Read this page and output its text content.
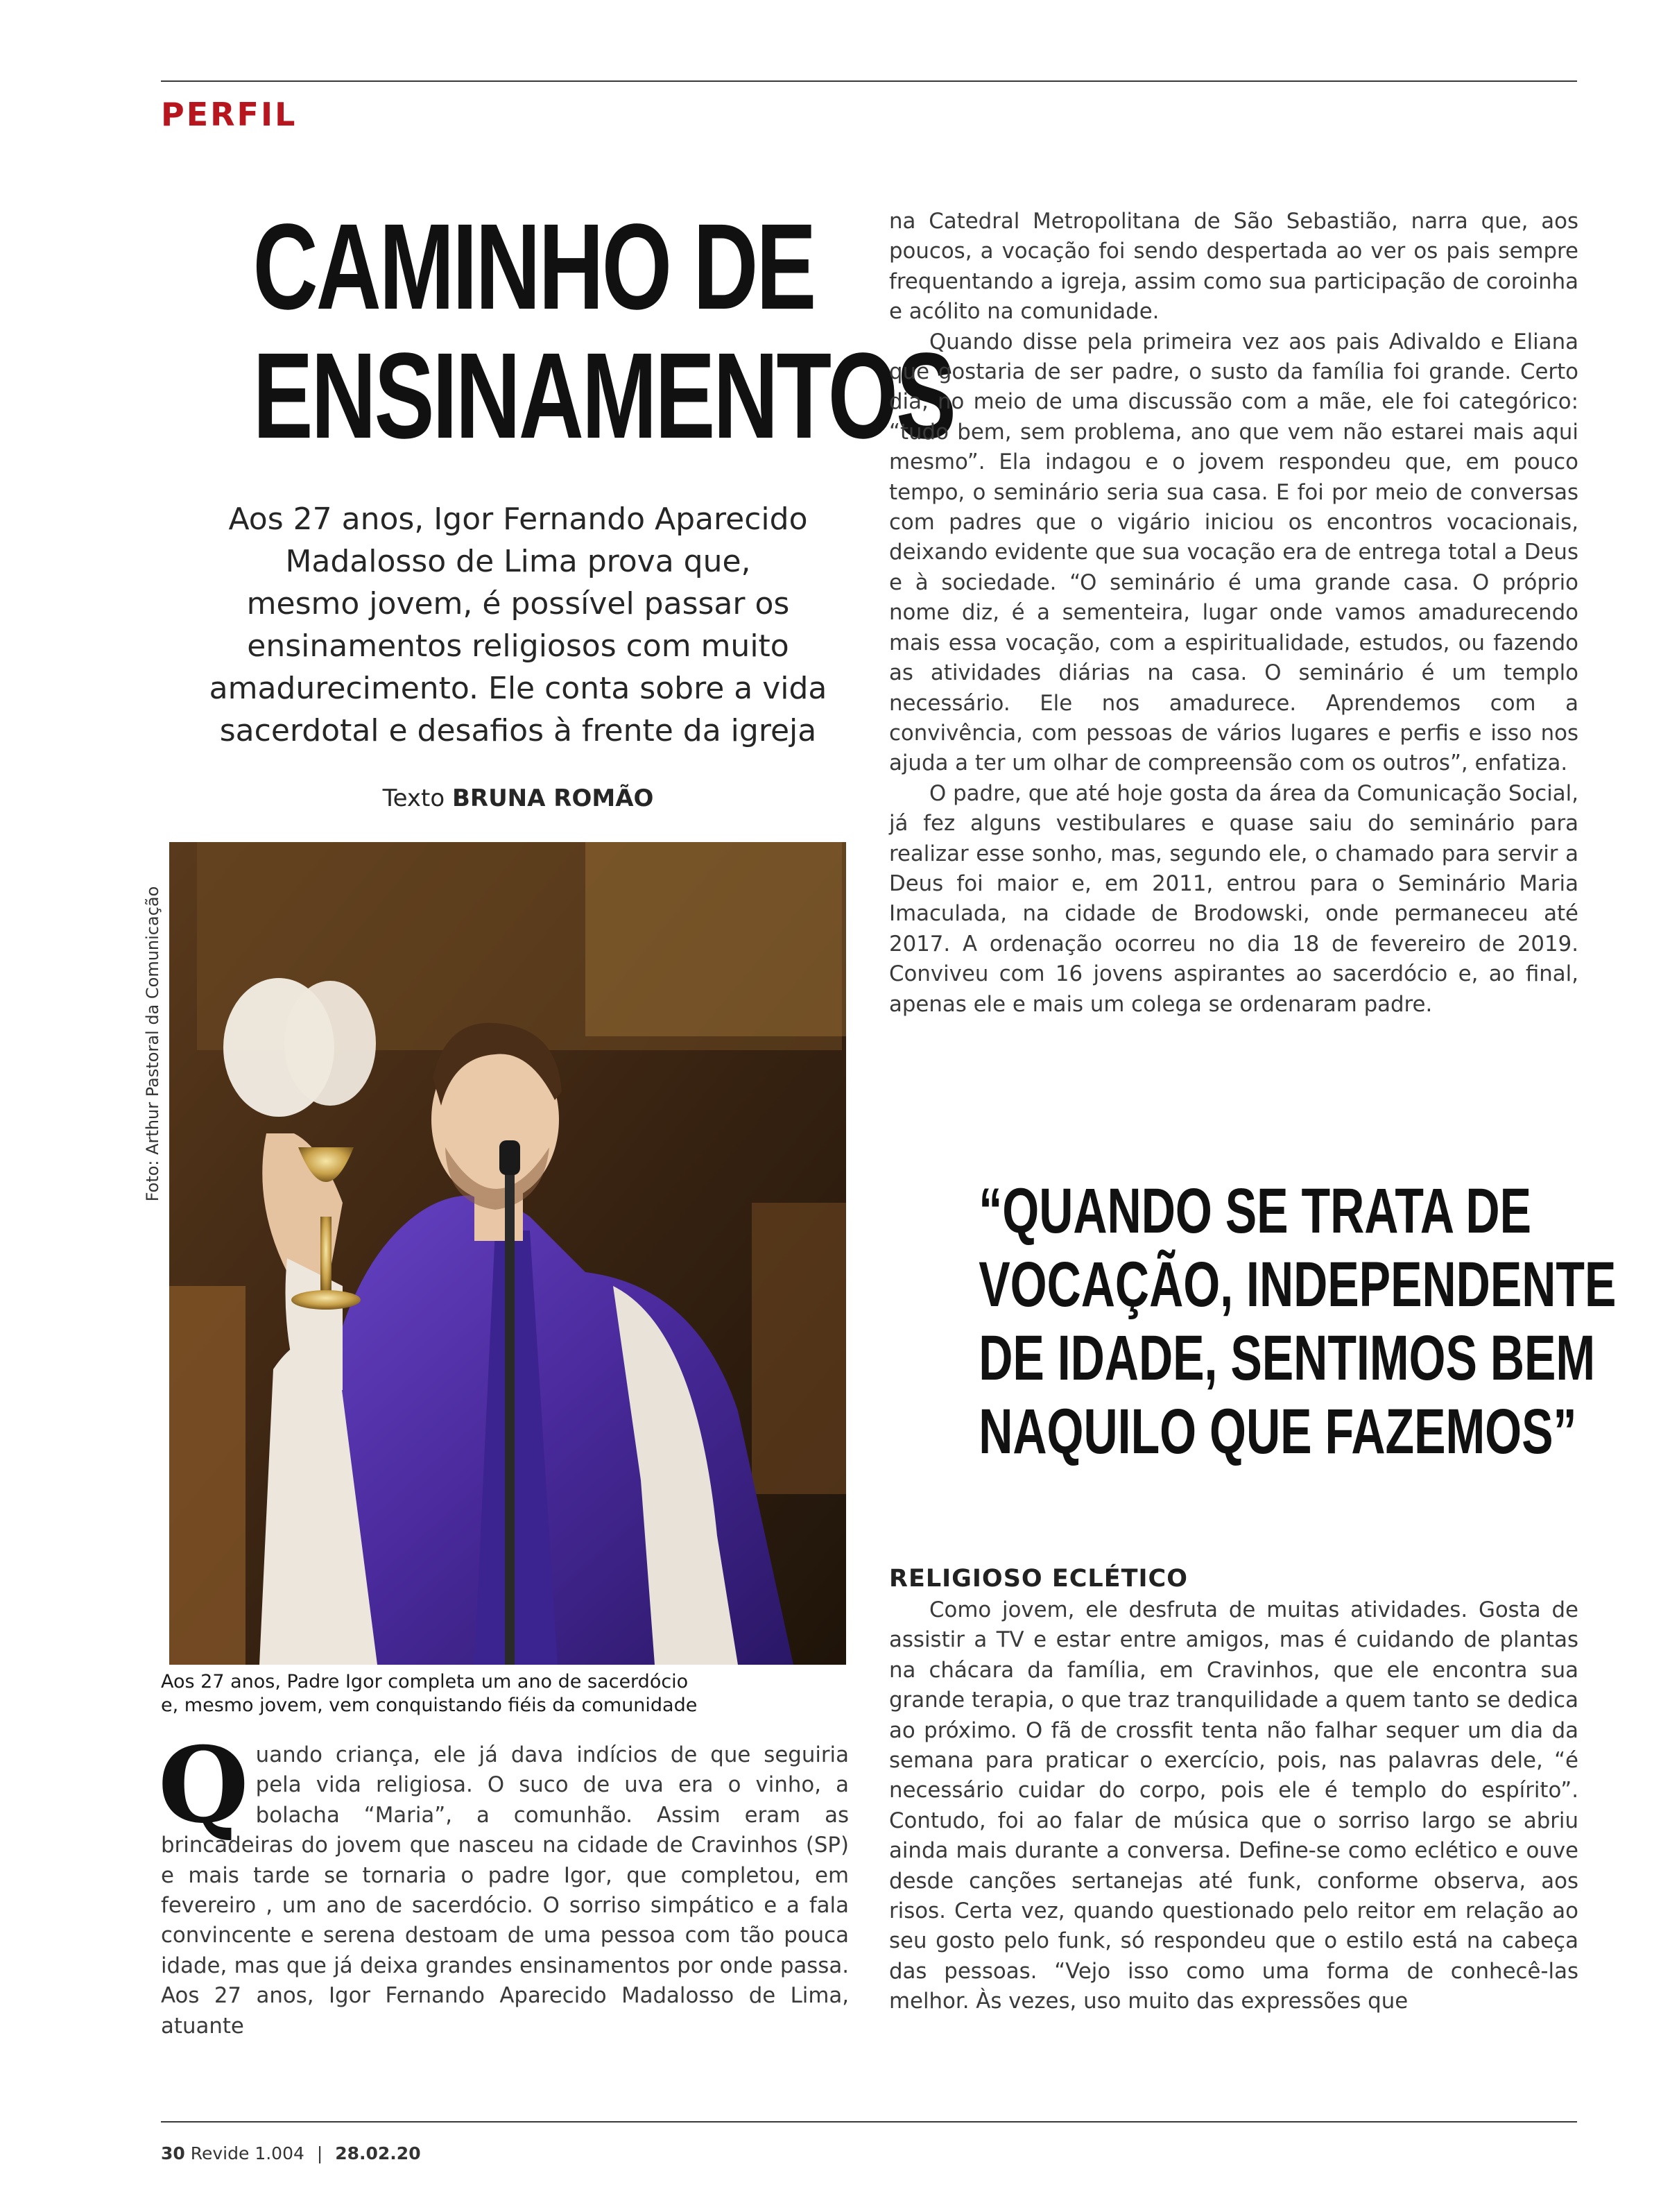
PERFIL
CAMINHO DE
ENSINAMENTOS
Aos 27 anos, Igor Fernando Aparecido
Madalosso de Lima prova que,
mesmo jovem, é possível passar os
ensinamentos religiosos com muito
amadurecimento. Ele conta sobre a vida
sacerdotal e desafios à frente da igreja
Texto BRUNA ROMÃO
Foto: Arthur Pastoral da Comunicação
Aos 27 anos, Padre Igor completa um ano de sacerdócio
e, mesmo jovem, vem conquistando fiéis da comunidade

Quando criança, ele já dava indícios de que seguiria pela vida religiosa. O suco de uva era o vinho, a bolacha “Maria”, a comunhão. Assim eram as brincadeiras do jovem que nasceu na cidade de Cravinhos (SP) e mais tarde se tornaria o padre Igor, que completou, em fevereiro , um ano de sacerdócio. O sorriso simpático e a fala convincente e serena destoam de uma pessoa com tão pouca idade, mas que já deixa grandes ensinamentos por onde passa. Aos 27 anos, Igor Fernando Aparecido Madalosso de Lima, atuante

na Catedral Metropolitana de São Sebastião, narra que, aos poucos, a vocação foi sendo despertada ao ver os pais sempre frequentando a igreja, assim como sua participação de coroinha e acólito na comunidade.

Quando disse pela primeira vez aos pais Adivaldo e Eliana que gostaria de ser padre, o susto da família foi grande. Certo dia, no meio de uma discussão com a mãe, ele foi categórico: “tudo bem, sem problema, ano que vem não estarei mais aqui mesmo”. Ela indagou e o jovem respondeu que, em pouco tempo, o seminário seria sua casa. E foi por meio de conversas com padres que o vigário iniciou os encontros vocacionais, deixando evidente que sua vocação era de entrega total a Deus e à sociedade. “O seminário é uma grande casa. O próprio nome diz, é a sementeira, lugar onde vamos amadurecendo mais essa vocação, com a espiritualidade, estudos, ou fazendo as atividades diárias na casa. O seminário é um templo necessário. Ele nos amadurece. Aprendemos com a convivência, com pessoas de vários lugares e perfis e isso nos ajuda a ter um olhar de compreensão com os outros”, enfatiza.

O padre, que até hoje gosta da área da Comunicação Social, já fez alguns vestibulares e quase saiu do seminário para realizar esse sonho, mas, segundo ele, o chamado para servir a Deus foi maior e, em 2011, entrou para o Seminário Maria Imaculada, na cidade de Brodowski, onde permaneceu até 2017. A ordenação ocorreu no dia 18 de fevereiro de 2019. Conviveu com 16 jovens aspirantes ao sacerdócio e, ao final, apenas ele e mais um colega se ordenaram padre.

“QUANDO SE TRATA DE
VOCAÇÃO, INDEPENDENTE
DE IDADE, SENTIMOS BEM
NAQUILO QUE FAZEMOS”
RELIGIOSO ECLÉTICO

Como jovem, ele desfruta de muitas atividades. Gosta de assistir a TV e estar entre amigos, mas é cuidando de plantas na chácara da família, em Cravinhos, que ele encontra sua grande terapia, o que traz tranquilidade a quem tanto se dedica ao próximo. O fã de crossfit tenta não falhar sequer um dia da semana para praticar o exercício, pois, nas palavras dele, “é necessário cuidar do corpo, pois ele é templo do espírito”. Contudo, foi ao falar de música que o sorriso largo se abriu ainda mais durante a conversa. Define-se como eclético e ouve desde canções sertanejas até funk, conforme observa, aos risos. Certa vez, quando questionado pelo reitor em relação ao seu gosto pelo funk, só respondeu que o estilo está na cabeça das pessoas. “Vejo isso como uma forma de conhecê-las melhor. Às vezes, uso muito das expressões que

30 Revide 1.004 | 28.02.20
